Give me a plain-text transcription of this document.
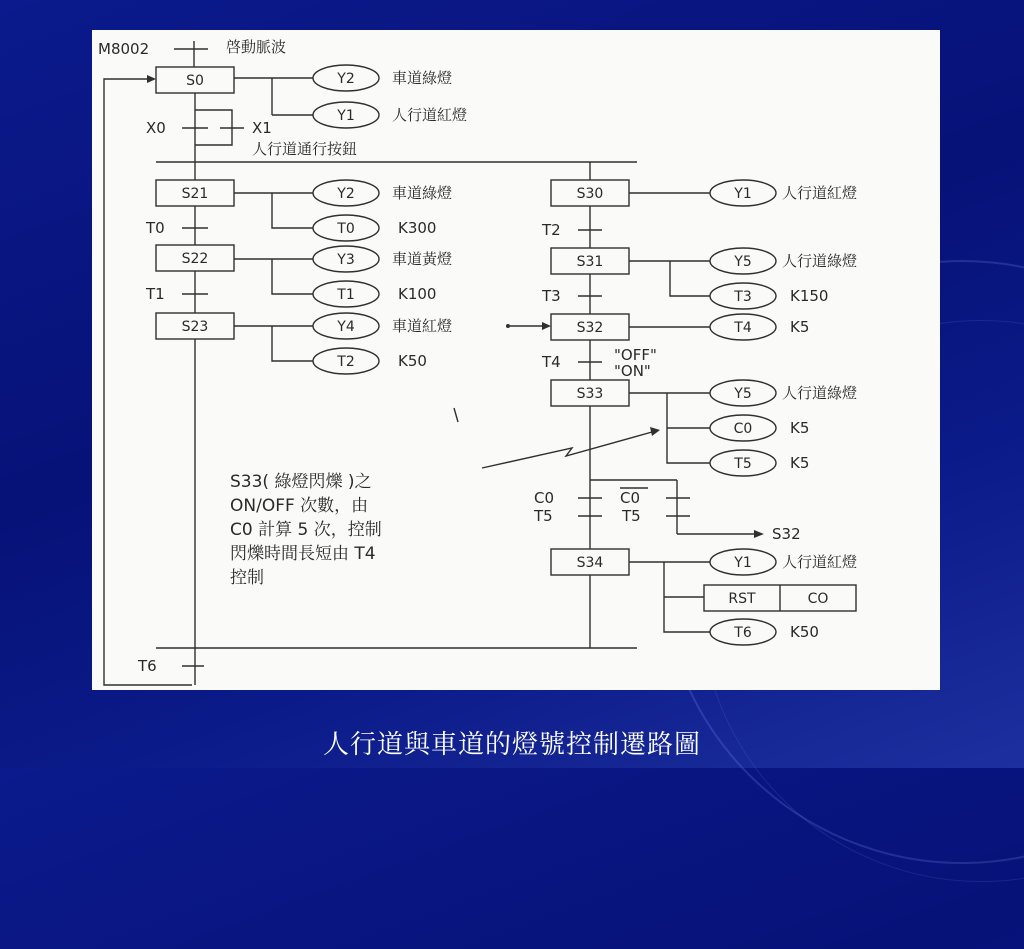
M8002	啓動脈波
S0	Y2 車道綠燈
Y1 人行道紅燈
X0	X1
人行道通行按鈕
S21	Y2 車道綠燈
T0	K300
T0
S22	Y3 車道黃燈
T1	K100
T1
S23	Y4 車道紅燈
T2	K50
T6
S30	Y1 人行道紅燈
T2
S31	Y5 人行道綠燈
T3	K150
T3
S32	T4	K5
T4	"OFF"
"ON"
S33	Y5 人行道綠燈
C0	K5
T5	K5
S32
C0
T5
C0
T5
S34	Y1 人行道紅燈
RST	CO
T6	K50
S33( 綠燈閃爍 )之
ON/OFF 次數，由
C0 計算 5 次，控制
閃爍時間長短由 T4
控制
人行道與車道的燈號控制遷路圖
